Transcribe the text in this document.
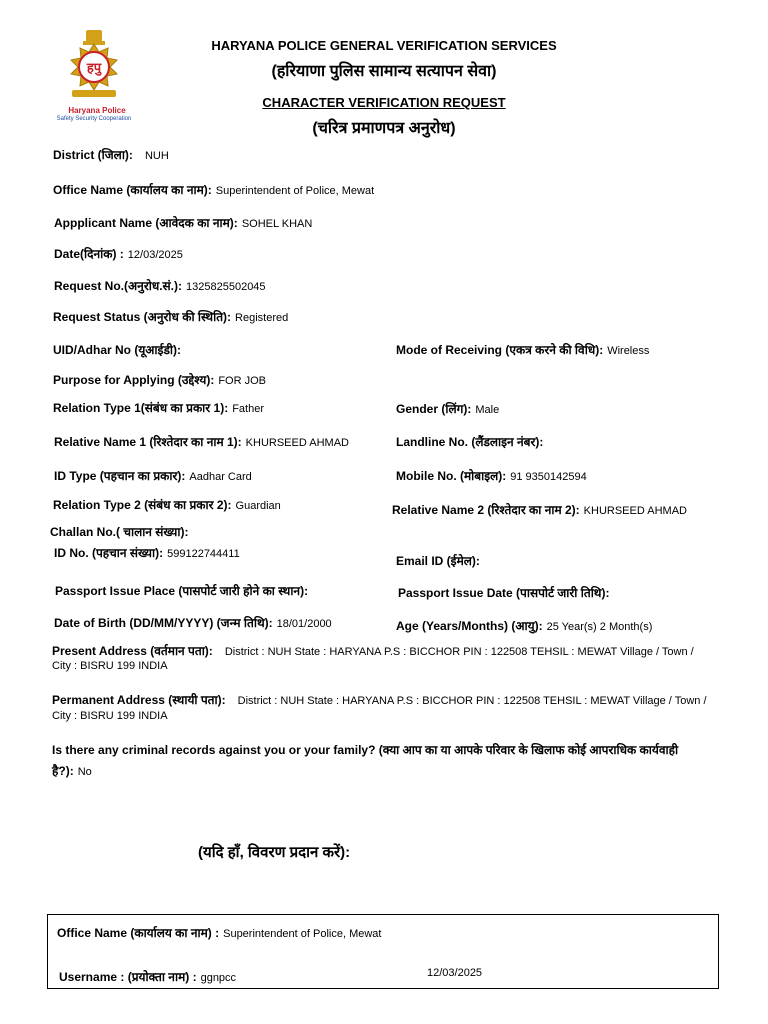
हपु
Haryana Police
Safety Security Cooperation
HARYANA POLICE GENERAL VERIFICATION SERVICES
(हरियाणा पुलिस सामान्य सत्यापन सेवा)
CHARACTER VERIFICATION REQUEST
(चरित्र प्रमाणपत्र अनुरोध)
District (जिला): NUH
Office Name (कार्यालय का नाम): Superintendent of Police, Mewat
Appplicant Name (आवेदक का नाम): SOHEL KHAN
Date(दिनांक) : 12/03/2025
Request No.(अनुरोध.सं.): 1325825502045
Request Status (अनुरोध की स्थिति): Registered
UID/Adhar No (यूआईडी):	Mode of Receiving (एकत्र करने की विधि): Wireless
Purpose for Applying (उद्देश्य): FOR JOB
Relation Type 1(संबंध का प्रकार 1): Father	Gender (लिंग): Male
Relative Name 1 (रिश्तेदार का नाम 1): KHURSEED AHMAD	Landline No. (लैंडलाइन नंबर):
ID Type (पहचान का प्रकार): Aadhar Card	Mobile No. (मोबाइल): 91 9350142594
Relation Type 2 (संबंध का प्रकार 2): Guardian	Relative Name 2 (रिश्तेदार का नाम 2): KHURSEED AHMAD
Challan No.( चालान संख्या):
ID No. (पहचान संख्या): 599122744411	Email ID (ईमेल):
Passport Issue Place (पासपोर्ट जारी होने का स्थान):	Passport Issue Date (पासपोर्ट जारी तिथि):
Date of Birth (DD/MM/YYYY) (जन्म तिथि): 18/01/2000	Age (Years/Months) (आयु): 25 Year(s) 2 Month(s)
Present Address (वर्तमान पता): District : NUH State : HARYANA P.S : BICCHOR PIN : 122508 TEHSIL : MEWAT Village / Town /
City : BISRU 199 INDIA
Permanent Address (स्थायी पता): District : NUH State : HARYANA P.S : BICCHOR PIN : 122508 TEHSIL : MEWAT Village / Town /
City : BISRU 199 INDIA
Is there any criminal records against you or your family? (क्या आप का या आपके परिवार के खिलाफ कोई आपराधिक कार्यवाही
है?): No
(यदि हाँ, विवरण प्रदान करें):
Office Name (कार्यालय का नाम) : Superintendent of Police, Mewat
Username : (प्रयोक्ता नाम) : ggnpcc	12/03/2025
